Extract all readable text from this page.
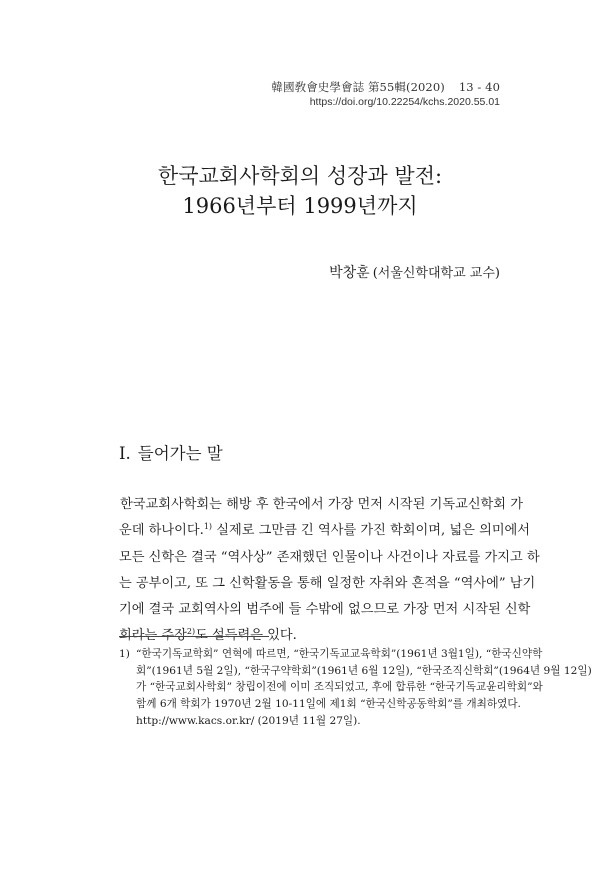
韓國敎會史學會誌 第55輯(2020) 13 - 40
https://doi.org/10.22254/kchs.2020.55.01
한국교회사학회의 성장과 발전:
1966년부터 1999년까지
박창훈 (서울신학대학교 교수)
I. 들어가는 말
한국교회사학회는 해방 후 한국에서 가장 먼저 시작된 기독교신학회 가
운데 하나이다.$^{1)}$ 실제로 그만큼 긴 역사를 가진 학회이며, 넓은 의미에서
모든 신학은 결국 “역사상” 존재했던 인물이나 사건이나 자료를 가지고 하
는 공부이고, 또 그 신학활동을 통해 일정한 자취와 흔적을 “역사에” 남기
기에 결국 교회역사의 범주에 들 수밖에 없으므로 가장 먼저 시작된 신학
회라는 주장$^{2)}$도 설득력은 있다.
1) “한국기독교학회” 연혁에 따르면, “한국기독교교육학회”(1961년 3월1일), “한국신약학
회”(1961년 5월 2일), “한국구약학회”(1961년 6월 12일), “한국조직신학회”(1964년 9월 12일)
가 “한국교회사학회” 창립이전에 이미 조직되었고, 후에 합류한 “한국기독교윤리학회”와
함께 6개 학회가 1970년 2월 10-11일에 제1회 “한국신학공동학회”를 개최하였다.
http://www.kacs.or.kr/ (2019년 11월 27일).
